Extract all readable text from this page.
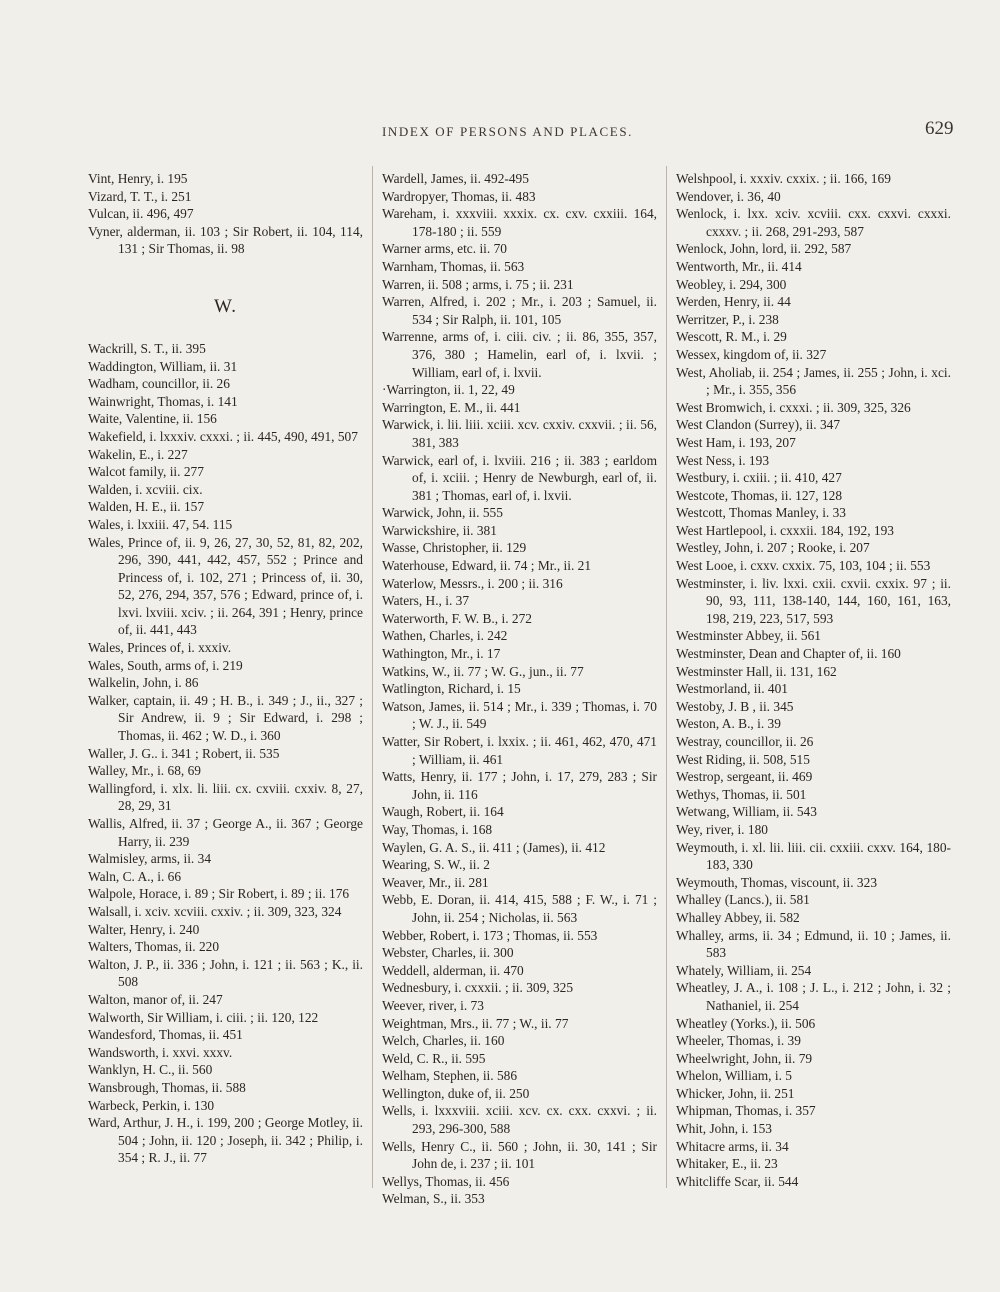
INDEX OF PERSONS AND PLACES.	629
Vint, Henry, i. 195
Vizard, T. T., i. 251
Vulcan, ii. 496, 497
Vyner, alderman, ii. 103 ; Sir Robert, ii. 104, 114, 131 ; Sir Thomas, ii. 98
W.
Wackrill, S. T., ii. 395
Waddington, William, ii. 31
Wadham, councillor, ii. 26
Wainwright, Thomas, i. 141
Waite, Valentine, ii. 156
Wakefield, i. lxxxiv. cxxxi. ; ii. 445, 490, 491, 507
Wakelin, E., i. 227
Walcot family, ii. 277
Walden, i. xcviii. cix.
Walden, H. E., ii. 157
Wales, i. lxxiii. 47, 54. 115
Wales, Prince of, ii. 9, 26, 27, 30, 52, 81, 82, 202, 296, 390, 441, 442, 457, 552 ; Prince and Princess of, i. 102, 271 ; Princess of, ii. 30, 52, 276, 294, 357, 576 ; Edward, prince of, i. lxvi. lxviii. xciv. ; ii. 264, 391 ; Henry, prince of, ii. 441, 443
Wales, Princes of, i. xxxiv.
Wales, South, arms of, i. 219
Walkelin, John, i. 86
Walker, captain, ii. 49 ; H. B., i. 349 ; J., ii., 327 ; Sir Andrew, ii. 9 ; Sir Edward, i. 298 ; Thomas, ii. 462 ; W. D., i. 360
Waller, J. G.. i. 341 ; Robert, ii. 535
Walley, Mr., i. 68, 69
Wallingford, i. xlx. li. liii. cx. cxviii. cxxiv. 8, 27, 28, 29, 31
Wallis, Alfred, ii. 37 ; George A., ii. 367 ; George Harry, ii. 239
Walmisley, arms, ii. 34
Waln, C. A., i. 66
Walpole, Horace, i. 89 ; Sir Robert, i. 89 ; ii. 176
Walsall, i. xciv. xcviii. cxxiv. ; ii. 309, 323, 324
Walter, Henry, i. 240
Walters, Thomas, ii. 220
Walton, J. P., ii. 336 ; John, i. 121 ; ii. 563 ; K., ii. 508
Walton, manor of, ii. 247
Walworth, Sir William, i. ciii. ; ii. 120, 122
Wandesford, Thomas, ii. 451
Wandsworth, i. xxvi. xxxv.
Wanklyn, H. C., ii. 560
Wansbrough, Thomas, ii. 588
Warbeck, Perkin, i. 130
Ward, Arthur, J. H., i. 199, 200 ; George Motley, ii. 504 ; John, ii. 120 ; Joseph, ii. 342 ; Philip, i. 354 ; R. J., ii. 77
Wardell, James, ii. 492-495
Wardropyer, Thomas, ii. 483
Wareham, i. xxxviii. xxxix. cx. cxv. cxxiii. 164, 178-180 ; ii. 559
Warner arms, etc. ii. 70
Warnham, Thomas, ii. 563
Warren, ii. 508 ; arms, i. 75 ; ii. 231
Warren, Alfred, i. 202 ; Mr., i. 203 ; Samuel, ii. 534 ; Sir Ralph, ii. 101, 105
Warrenne, arms of, i. ciii. civ. ; ii. 86, 355, 357, 376, 380 ; Hamelin, earl of, i. lxvii. ; William, earl of, i. lxvii.
·Warrington, ii. 1, 22, 49
Warrington, E. M., ii. 441
Warwick, i. lii. liii. xciii. xcv. cxxiv. cxxvii. ; ii. 56, 381, 383
Warwick, earl of, i. lxviii. 216 ; ii. 383 ; earldom of, i. xciii. ; Henry de Newburgh, earl of, ii. 381 ; Thomas, earl of, i. lxvii.
Warwick, John, ii. 555
Warwickshire, ii. 381
Wasse, Christopher, ii. 129
Waterhouse, Edward, ii. 74 ; Mr., ii. 21
Waterlow, Messrs., i. 200 ; ii. 316
Waters, H., i. 37
Waterworth, F. W. B., i. 272
Wathen, Charles, i. 242
Wathington, Mr., i. 17
Watkins, W., ii. 77 ; W. G., jun., ii. 77
Watlington, Richard, i. 15
Watson, James, ii. 514 ; Mr., i. 339 ; Thomas, i. 70 ; W. J., ii. 549
Watter, Sir Robert, i. lxxix. ; ii. 461, 462, 470, 471 ; William, ii. 461
Watts, Henry, ii. 177 ; John, i. 17, 279, 283 ; Sir John, ii. 116
Waugh, Robert, ii. 164
Way, Thomas, i. 168
Waylen, G. A. S., ii. 411 ; (James), ii. 412
Wearing, S. W., ii. 2
Weaver, Mr., ii. 281
Webb, E. Doran, ii. 414, 415, 588 ; F. W., i. 71 ; John, ii. 254 ; Nicholas, ii. 563
Webber, Robert, i. 173 ; Thomas, ii. 553
Webster, Charles, ii. 300
Weddell, alderman, ii. 470
Wednesbury, i. cxxxii. ; ii. 309, 325
Weever, river, i. 73
Weightman, Mrs., ii. 77 ; W., ii. 77
Welch, Charles, ii. 160
Weld, C. R., ii. 595
Welham, Stephen, ii. 586
Wellington, duke of, ii. 250
Wells, i. lxxxviii. xciii. xcv. cx. cxx. cxxvi. ; ii. 293, 296-300, 588
Wells, Henry C., ii. 560 ; John, ii. 30, 141 ; Sir John de, i. 237 ; ii. 101
Wellys, Thomas, ii. 456
Welman, S., ii. 353
Welshpool, i. xxxiv. cxxix. ; ii. 166, 169
Wendover, i. 36, 40
Wenlock, i. lxx. xciv. xcviii. cxx. cxxvi. cxxxi. cxxxv. ; ii. 268, 291-293, 587
Wenlock, John, lord, ii. 292, 587
Wentworth, Mr., ii. 414
Weobley, i. 294, 300
Werden, Henry, ii. 44
Werritzer, P., i. 238
Wescott, R. M., i. 29
Wessex, kingdom of, ii. 327
West, Aholiab, ii. 254 ; James, ii. 255 ; John, i. xci. ; Mr., i. 355, 356
West Bromwich, i. cxxxi. ; ii. 309, 325, 326
West Clandon (Surrey), ii. 347
West Ham, i. 193, 207
West Ness, i. 193
Westbury, i. cxiii. ; ii. 410, 427
Westcote, Thomas, ii. 127, 128
Westcott, Thomas Manley, i. 33
West Hartlepool, i. cxxxii. 184, 192, 193
Westley, John, i. 207 ; Rooke, i. 207
West Looe, i. cxxv. cxxix. 75, 103, 104 ; ii. 553
Westminster, i. liv. lxxi. cxii. cxvii. cxxix. 97 ; ii. 90, 93, 111, 138-140, 144, 160, 161, 163, 198, 219, 223, 517, 593
Westminster Abbey, ii. 561
Westminster, Dean and Chapter of, ii. 160
Westminster Hall, ii. 131, 162
Westmorland, ii. 401
Westoby, J. B , ii. 345
Weston, A. B., i. 39
Westray, councillor, ii. 26
West Riding, ii. 508, 515
Westrop, sergeant, ii. 469
Wethys, Thomas, ii. 501
Wetwang, William, ii. 543
Wey, river, i. 180
Weymouth, i. xl. lii. liii. cii. cxxiii. cxxv. 164, 180-183, 330
Weymouth, Thomas, viscount, ii. 323
Whalley (Lancs.), ii. 581
Whalley Abbey, ii. 582
Whalley, arms, ii. 34 ; Edmund, ii. 10 ; James, ii. 583
Whately, William, ii. 254
Wheatley, J. A., i. 108 ; J. L., i. 212 ; John, i. 32 ; Nathaniel, ii. 254
Wheatley (Yorks.), ii. 506
Wheeler, Thomas, i. 39
Wheelwright, John, ii. 79
Whelon, William, i. 5
Whicker, John, ii. 251
Whipman, Thomas, i. 357
Whit, John, i. 153
Whitacre arms, ii. 34
Whitaker, E., ii. 23
Whitcliffe Scar, ii. 544
